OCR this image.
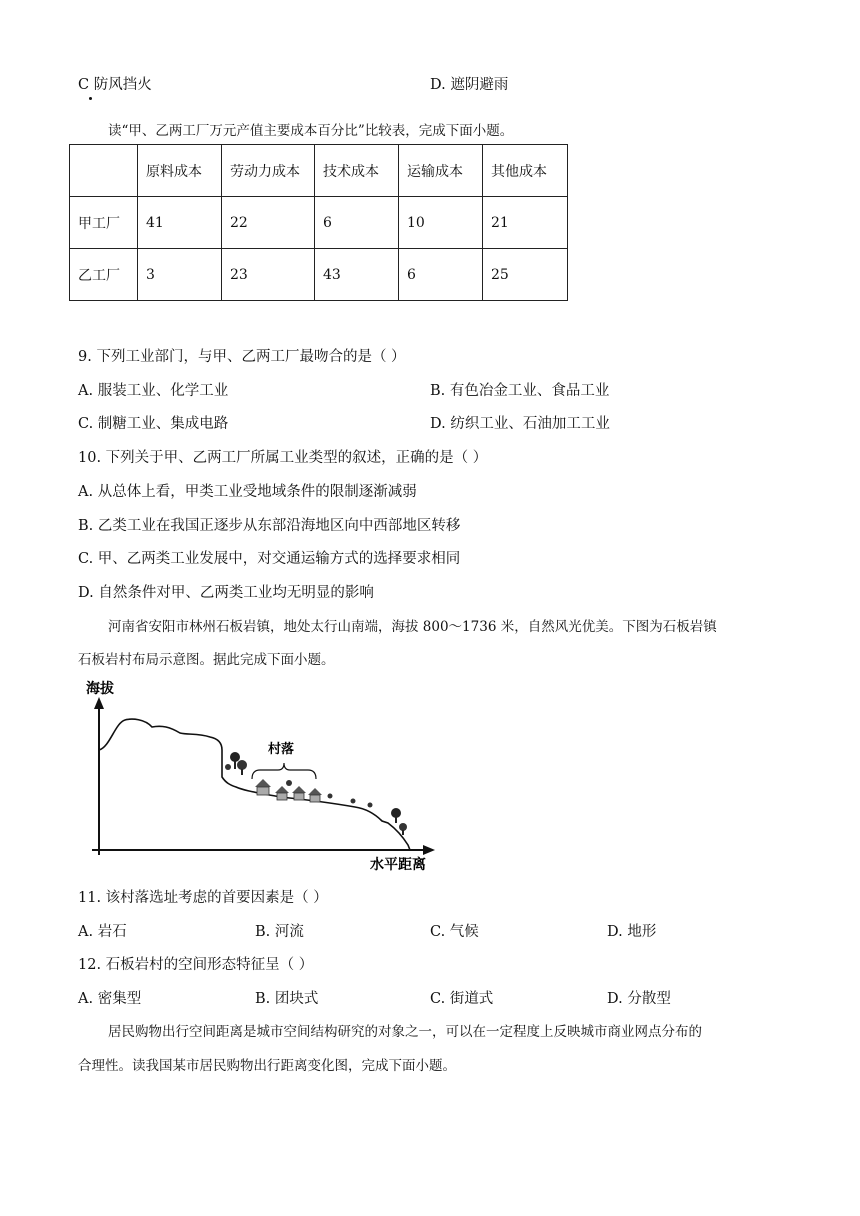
C 防风挡火	D. 遮阴避雨
读“甲、乙两工厂万元产值主要成本百分比”比较表，完成下面小题。
	原料成本	劳动力成本	技术成本	运输成本	其他成本
甲工厂	41	22	6	10	21
乙工厂	3	23	43	6	25
9. 下列工业部门，与甲、乙两工厂最吻合的是（ ）
A. 服装工业、化学工业	B. 有色冶金工业、食品工业
C. 制糖工业、集成电路	D. 纺织工业、石油加工工业
10. 下列关于甲、乙两工厂所属工业类型的叙述，正确的是（ ）
A. 从总体上看，甲类工业受地域条件的限制逐渐减弱
B. 乙类工业在我国正逐步从东部沿海地区向中西部地区转移
C. 甲、乙两类工业发展中，对交通运输方式的选择要求相同
D. 自然条件对甲、乙两类工业均无明显的影响
河南省安阳市林州石板岩镇，地处太行山南端，海拔 800～1736 米，自然风光优美。下图为石板岩镇
石板岩村布局示意图。据此完成下面小题。
海拔
水平距离
村落
11. 该村落选址考虑的首要因素是（ ）
A. 岩石	B. 河流	C. 气候	D. 地形
12. 石板岩村的空间形态特征呈（ ）
A. 密集型	B. 团块式	C. 街道式	D. 分散型
居民购物出行空间距离是城市空间结构研究的对象之一，可以在一定程度上反映城市商业网点分布的
合理性。读我国某市居民购物出行距离变化图，完成下面小题。
